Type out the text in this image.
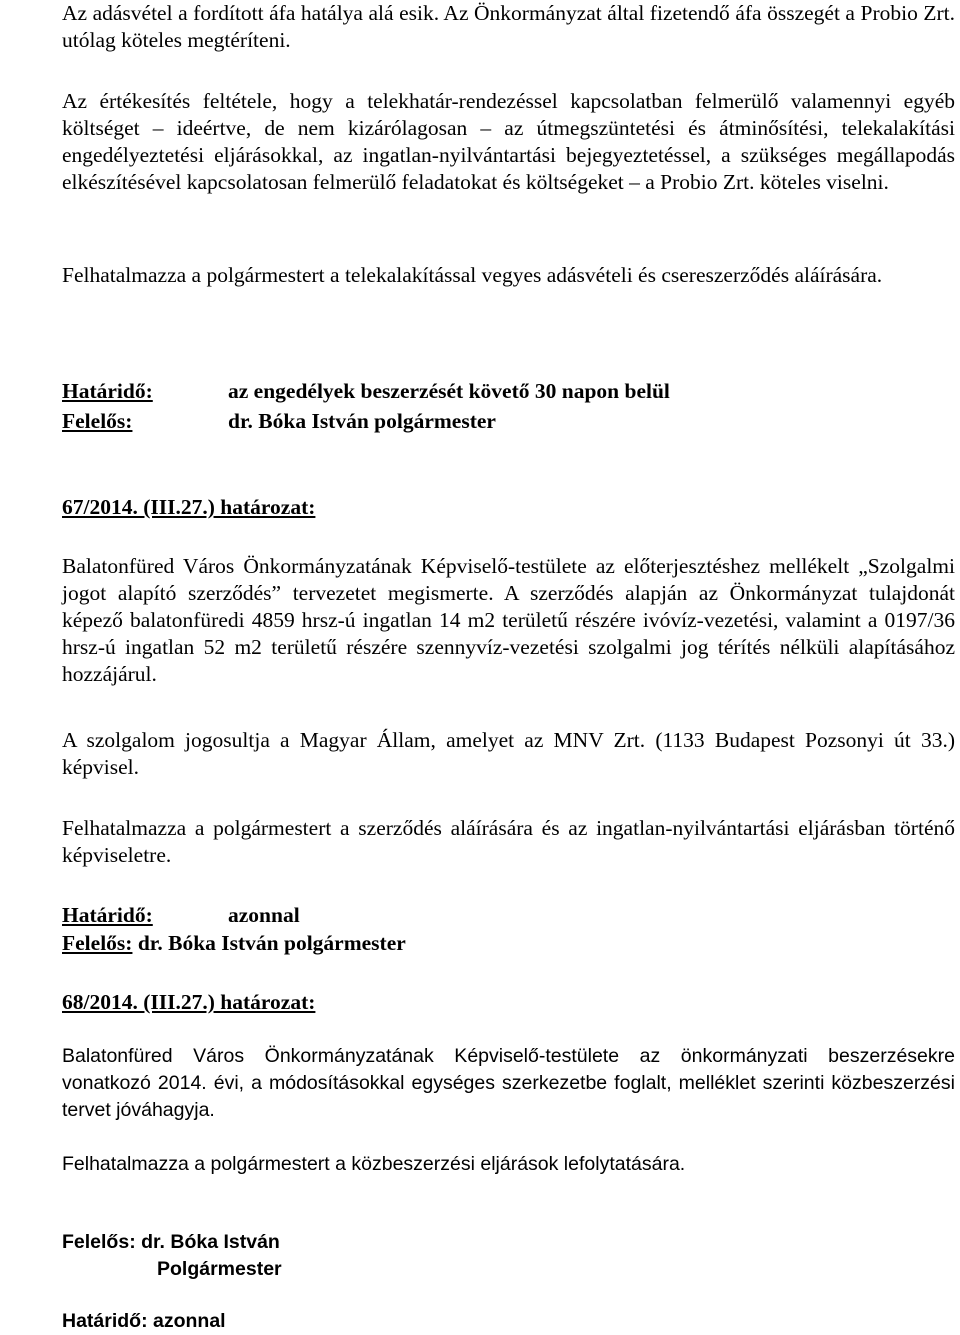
Az adásvétel a fordított áfa hatálya alá esik. Az Önkormányzat által fizetendő áfa összegét a Probio Zrt. utólag köteles megtéríteni.
Az értékesítés feltétele, hogy a telekhatár-rendezéssel kapcsolatban felmerülő valamennyi egyéb költséget – ideértve, de nem kizárólagosan – az útmegszüntetési és átminősítési, telekalakítási engedélyeztetési eljárásokkal, az ingatlan-nyilvántartási bejegyeztetéssel, a szükséges megállapodás elkészítésével kapcsolatosan felmerülő feladatokat és költségeket – a Probio Zrt. köteles viselni.
Felhatalmazza a polgármestert a telekalakítással vegyes adásvételi és csereszerződés aláírására.
Határidő:	az engedélyek beszerzését követő 30 napon belül
Felelős:	dr. Bóka István polgármester
67/2014. (III.27.) határozat:
Balatonfüred Város Önkormányzatának Képviselő-testülete az előterjesztéshez mellékelt „Szolgalmi jogot alapító szerződés” tervezetet megismerte. A szerződés alapján az Önkormányzat tulajdonát képező balatonfüredi 4859 hrsz-ú ingatlan 14 m2 területű részére ivóvíz-vezetési, valamint a 0197/36 hrsz-ú ingatlan 52 m2 területű részére szennyvíz-vezetési szolgalmi jog térítés nélküli alapításához hozzájárul.
A szolgalom jogosultja a Magyar Állam, amelyet az MNV Zrt. (1133 Budapest Pozsonyi út 33.) képvisel.
Felhatalmazza a polgármestert a szerződés aláírására és az ingatlan-nyilvántartási eljárásban történő képviseletre.
Határidő:	azonnal
Felelős: dr. Bóka István polgármester
68/2014. (III.27.) határozat:
Balatonfüred Város Önkormányzatának Képviselő-testülete az önkormányzati beszerzésekre vonatkozó 2014. évi, a módosításokkal egységes szerkezetbe foglalt, melléklet szerinti közbeszerzési tervet jóváhagyja.
Felhatalmazza a polgármestert a közbeszerzési eljárások lefolytatására.
Felelős: dr. Bóka István
Polgármester
Határidő: azonnal
